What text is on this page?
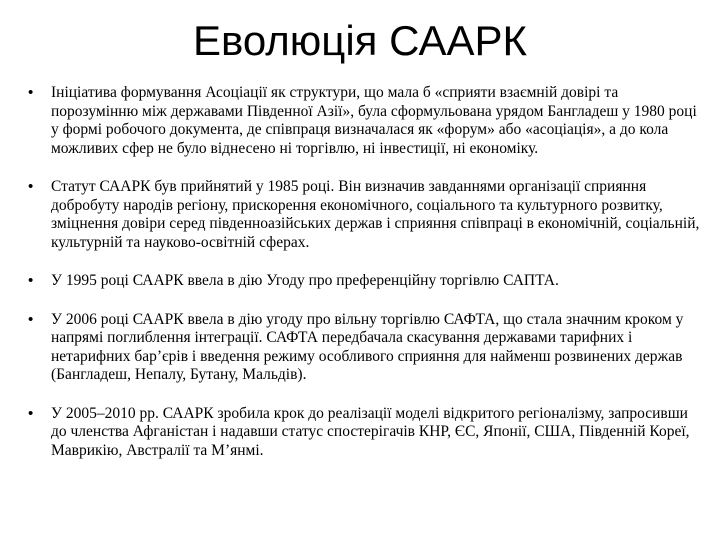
Еволюція СААРК
• Ініціатива формування Асоціації як структури, що мала б «сприяти взаємній довірі та порозумінню між державами Південної Азії», була сформульована урядом Бангладеш у 1980 році у формі робочого документа, де співпраця визначалася як «форум» або «асоціація», а до кола можливих сфер не було віднесено ні торгівлю, ні інвестиції, ні економіку.
• Статут СААРК був прийнятий у 1985 році. Він визначив завданнями організації сприяння добробуту народів регіону, прискорення економічного, соціального та культурного розвитку, зміцнення довіри серед південноазійських держав і сприяння співпраці в економічній, соціальній, культурній та науково-освітній сферах.
• У 1995 році СААРК ввела в дію Угоду про преференційну торгівлю САПТА.
• У 2006 році СААРК ввела в дію угоду про вільну торгівлю САФТА, що стала значним кроком у напрямі поглиблення інтеграції. САФТА передбачала скасування державами тарифних і нетарифних бар’єрів і введення режиму особливого сприяння для найменш розвинених держав (Бангладеш, Непалу, Бутану, Мальдів).
• У 2005–2010 рр. СААРК зробила крок до реалізації моделі відкритого регіоналізму, запросивши до членства Афганістан і надавши статус спостерігачів КНР, ЄС, Японії, США, Південній Кореї, Маврикію, Австралії та М’янмі.
